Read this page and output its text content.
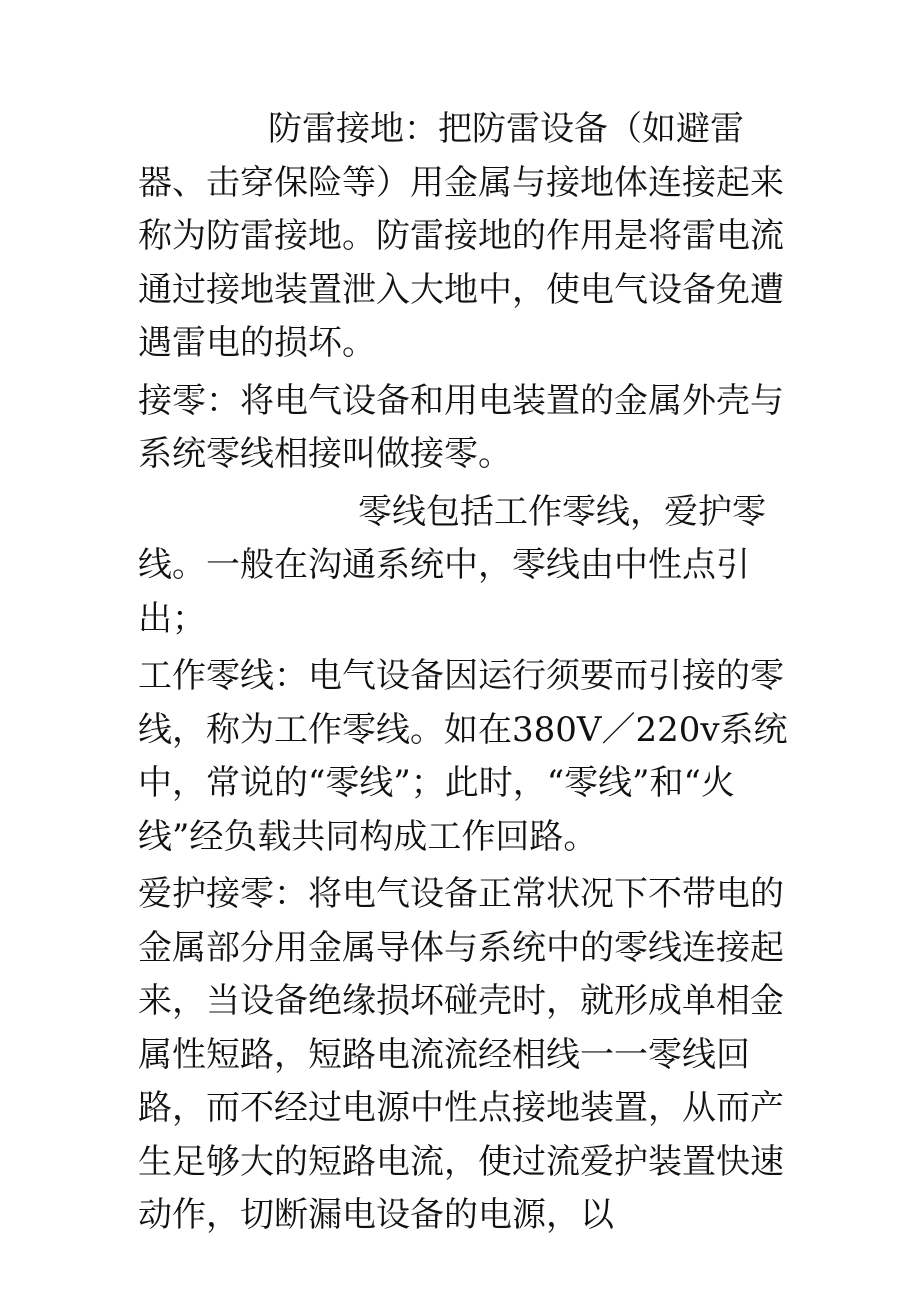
防雷接地：把防雷设备（如避雷器、击穿保险等）用金属与接地体连接起来称为防雷接地。防雷接地的作用是将雷电流通过接地装置泄入大地中，使电气设备免遭遇雷电的损坏。

接零：将电气设备和用电装置的金属外壳与系统零线相接叫做接零。

零线包括工作零线，爱护零线。一般在沟通系统中，零线由中性点引出；

工作零线：电气设备因运行须要而引接的零线，称为工作零线。如在380V／220v系统中，常说的“零线”；此时，“零线”和“火线”经负载共同构成工作回路。

爱护接零：将电气设备正常状况下不带电的金属部分用金属导体与系统中的零线连接起来，当设备绝缘损坏碰壳时，就形成单相金属性短路，短路电流流经相线一一零线回路，而不经过电源中性点接地装置，从而产生足够大的短路电流，使过流爱护装置快速动作，切断漏电设备的电源，以
